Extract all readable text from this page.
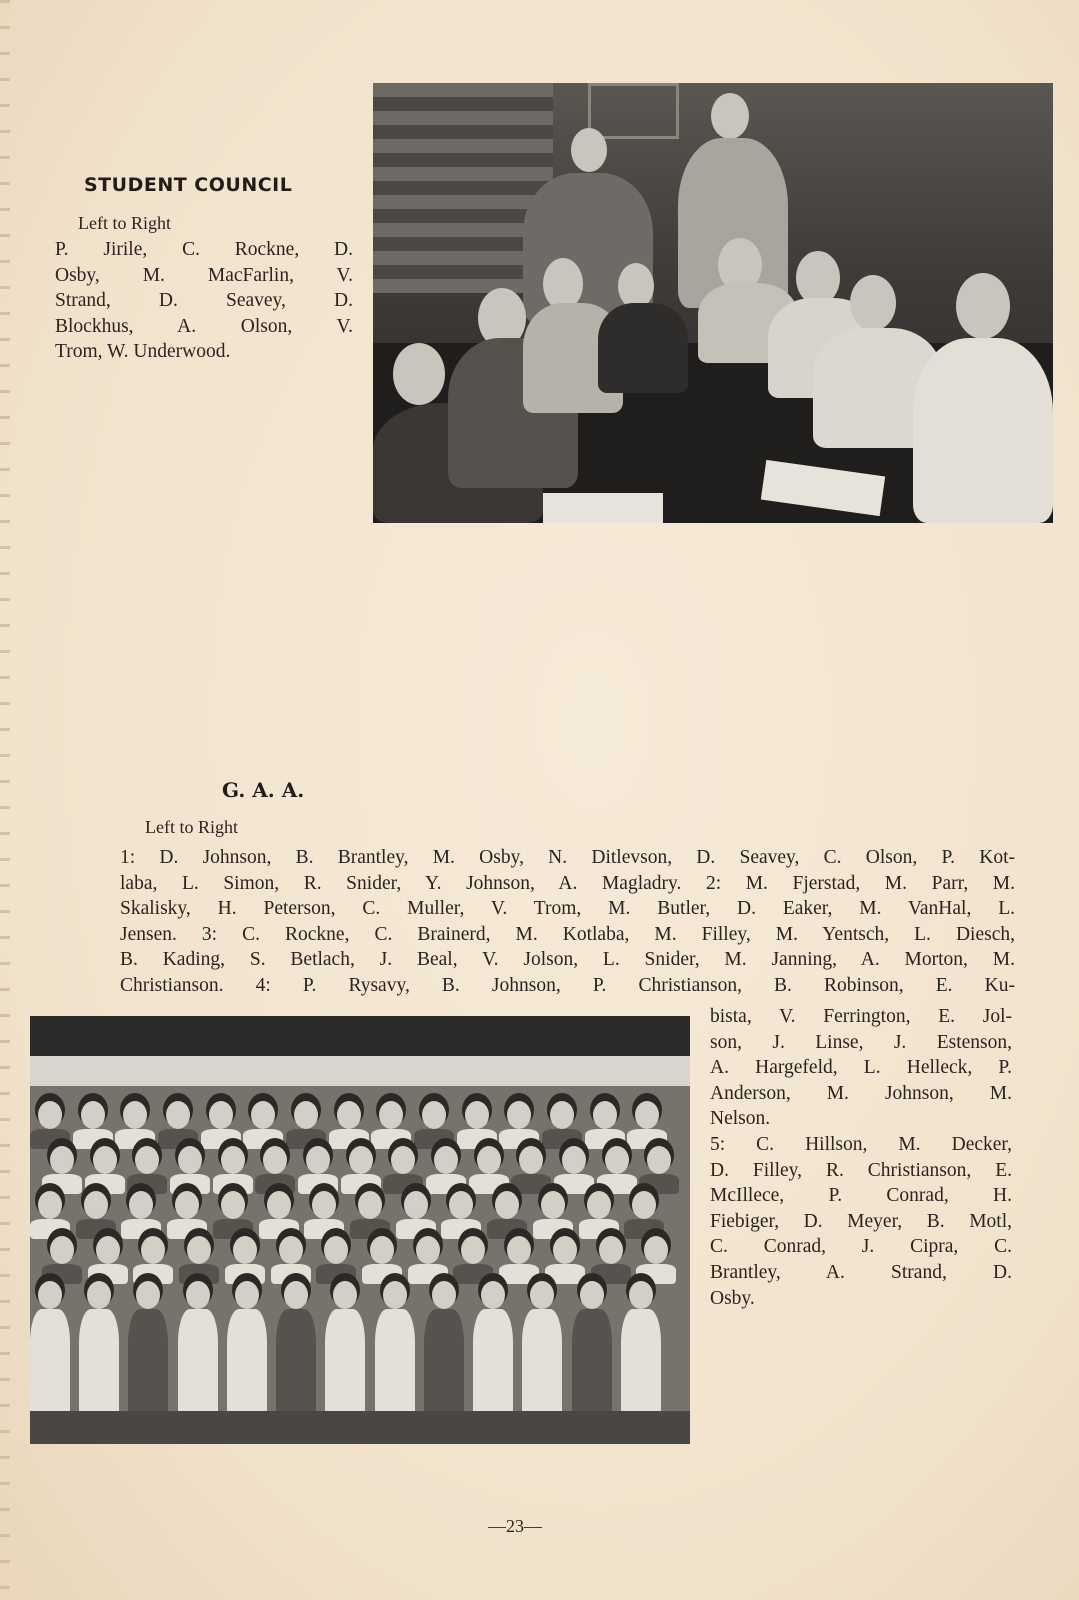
STUDENT COUNCIL
Left to Right
P. Jirile, C. Rockne, D.
Osby, M. MacFarlin, V.
Strand, D. Seavey, D.
Blockhus, A. Olson, V.
Trom, W. Underwood.
G. A. A.
Left to Right
1: D. Johnson, B. Brantley, M. Osby, N. Ditlevson, D. Seavey, C. Olson, P. Kot-
laba, L. Simon, R. Snider, Y. Johnson, A. Magladry. 2: M. Fjerstad, M. Parr, M.
Skalisky, H. Peterson, C. Muller, V. Trom, M. Butler, D. Eaker, M. VanHal, L.
Jensen. 3: C. Rockne, C. Brainerd, M. Kotlaba, M. Filley, M. Yentsch, L. Diesch,
B. Kading, S. Betlach, J. Beal, V. Jolson, L. Snider, M. Janning, A. Morton, M.
Christianson. 4: P. Rysavy, B. Johnson, P. Christianson, B. Robinson, E. Ku-
bista, V. Ferrington, E. Jol-
son, J. Linse, J. Estenson,
A. Hargefeld, L. Helleck, P.
Anderson, M. Johnson, M.
Nelson.
5: C. Hillson, M. Decker,
D. Filley, R. Christianson, E.
McIllece, P. Conrad, H.
Fiebiger, D. Meyer, B. Motl,
C. Conrad, J. Cipra, C.
Brantley, A. Strand, D.
Osby.
—23—
